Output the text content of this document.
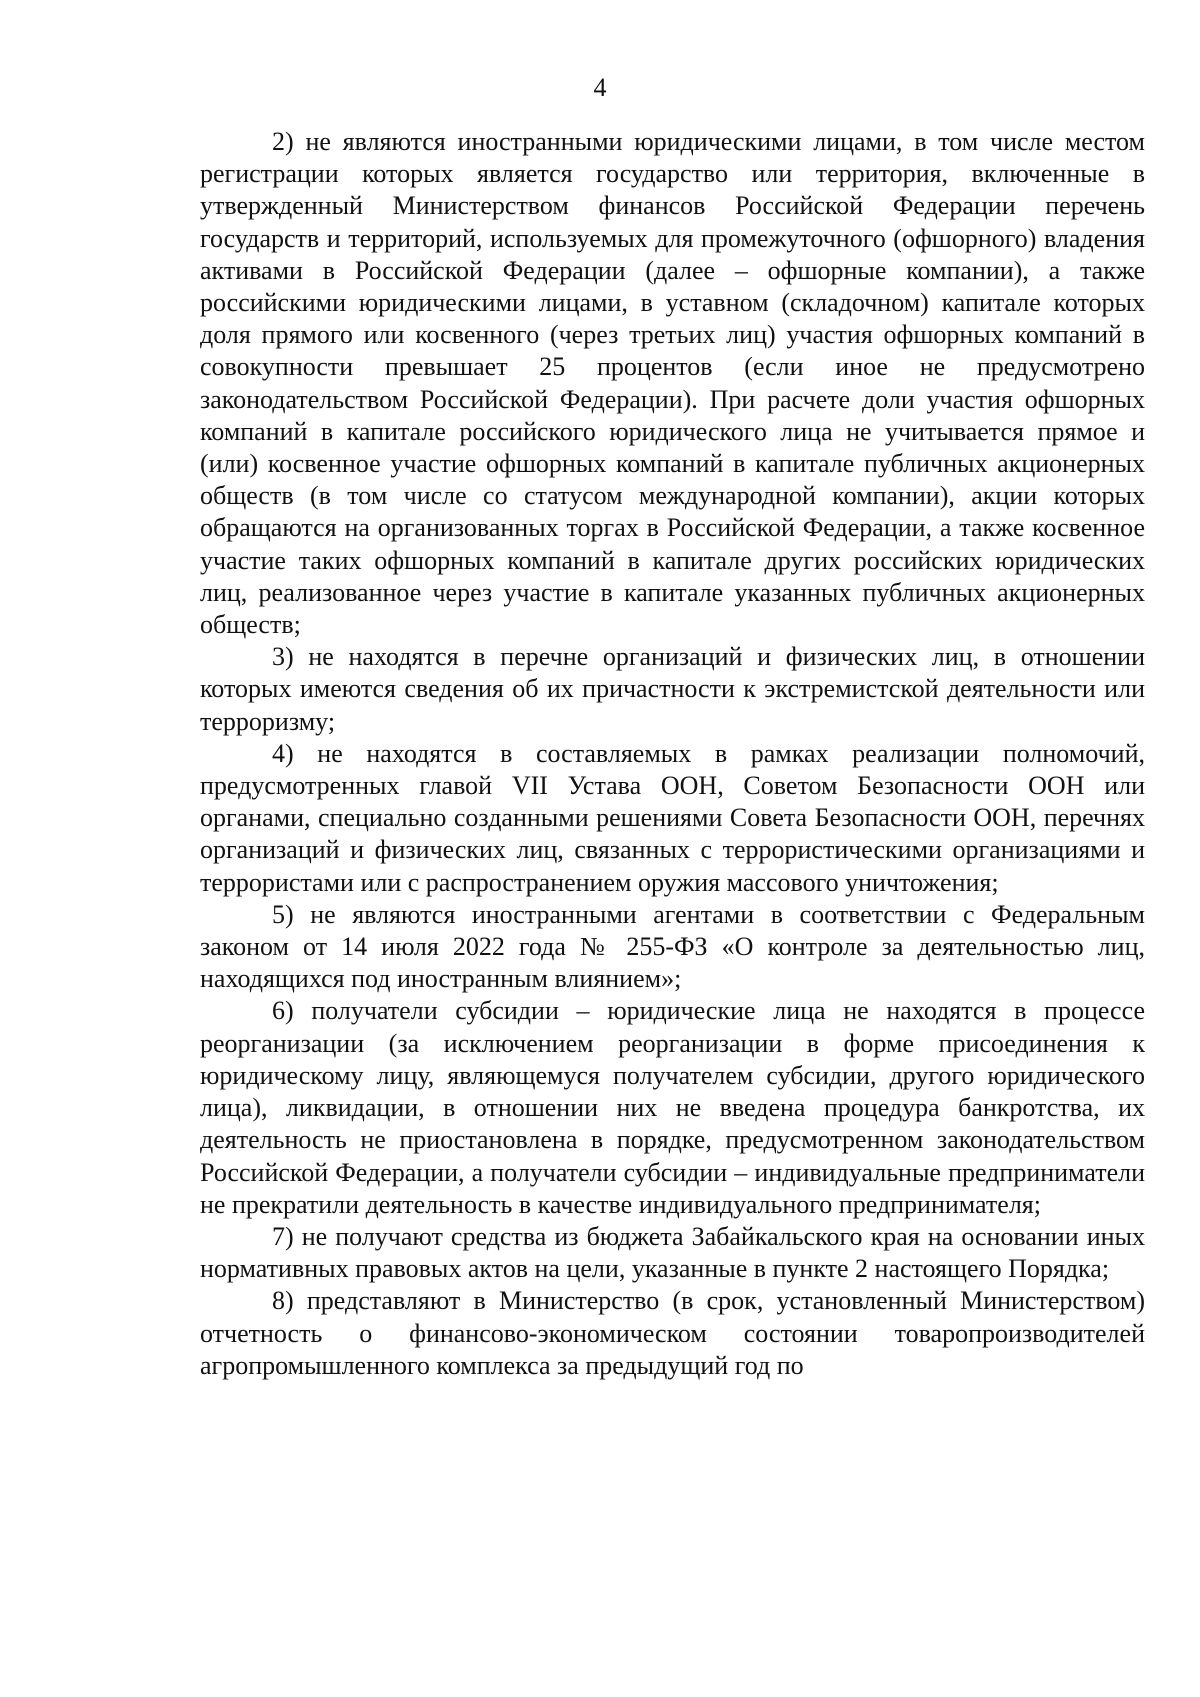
4

2) не являются иностранными юридическими лицами, в том числе местом регистрации которых является государство или территория, включенные в утвержденный Министерством финансов Российской Федерации перечень государств и территорий, используемых для промежуточного (офшорного) владения активами в Российской Федерации (далее – офшорные компании), а также российскими юридическими лицами, в уставном (складочном) капитале которых доля прямого или косвенного (через третьих лиц) участия офшорных компаний в совокупности превышает 25 процентов (если иное не предусмотрено законодательством Российской Федерации). При расчете доли участия офшорных компаний в капитале российского юридического лица не учитывается прямое и (или) косвенное участие офшорных компаний в капитале публичных акционерных обществ (в том числе со статусом международной компании), акции которых обращаются на организованных торгах в Российской Федерации, а также косвенное участие таких офшорных компаний в капитале других российских юридических лиц, реализованное через участие в капитале указанных публичных акционерных обществ;

3) не находятся в перечне организаций и физических лиц, в отношении которых имеются сведения об их причастности к экстремистской деятельности или терроризму;

4) не находятся в составляемых в рамках реализации полномочий, предусмотренных главой VII Устава ООН, Советом Безопасности ООН или органами, специально созданными решениями Совета Безопасности ООН, перечнях организаций и физических лиц, связанных с террористическими организациями и террористами или с распространением оружия массового уничтожения;

5) не являются иностранными агентами в соответствии с Федеральным законом от 14 июля 2022 года № 255-ФЗ «О контроле за деятельностью лиц, находящихся под иностранным влиянием»;

6) получатели субсидии – юридические лица не находятся в процессе реорганизации (за исключением реорганизации в форме присоединения к юридическому лицу, являющемуся получателем субсидии, другого юридического лица), ликвидации, в отношении них не введена процедура банкротства, их деятельность не приостановлена в порядке, предусмотренном законодательством Российской Федерации, а получатели субсидии – индивидуальные предприниматели не прекратили деятельность в качестве индивидуального предпринимателя;

7) не получают средства из бюджета Забайкальского края на основании иных нормативных правовых актов на цели, указанные в пункте 2 настоящего Порядка;

8) представляют в Министерство (в срок, установленный Министерством) отчетность о финансово-экономическом состоянии товаропроизводителей агропромышленного комплекса за предыдущий год по
